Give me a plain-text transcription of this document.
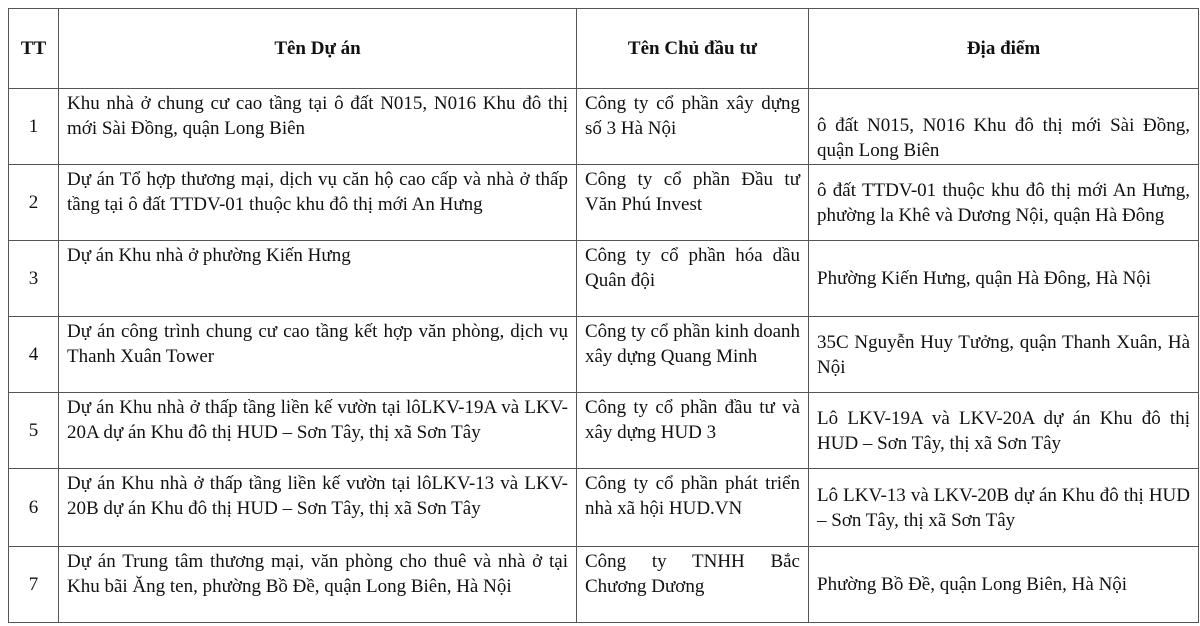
TT	Tên Dự án	Tên Chủ đầu tư	Địa điểm
1	Khu nhà ở chung cư cao tầng tại ô đất N015, N016 Khu đô thị mới Sài Đồng, quận Long Biên	Công ty cổ phần xây dựng số 3 Hà Nội	ô đất N015, N016 Khu đô thị mới Sài Đồng, quận Long Biên
2	Dự án Tổ hợp thương mại, dịch vụ căn hộ cao cấp và nhà ở thấp tầng tại ô đất TTDV-01 thuộc khu đô thị mới An Hưng	Công ty cổ phần Đầu tư Văn Phú Invest	ô đất TTDV-01 thuộc khu đô thị mới An Hưng, phường la Khê và Dương Nội, quận Hà Đông
3	Dự án Khu nhà ở phường Kiến Hưng	Công ty cổ phần hóa dầu Quân đội	Phường Kiến Hưng, quận Hà Đông, Hà Nội
4	Dự án công trình chung cư cao tầng kết hợp văn phòng, dịch vụ Thanh Xuân Tower	Công ty cổ phần kinh doanh xây dựng Quang Minh	35C Nguyễn Huy Tưởng, quận Thanh Xuân, Hà Nội
5	Dự án Khu nhà ở thấp tầng liền kế vườn tại lôLKV-19A và LKV-20A dự án Khu đô thị HUD – Sơn Tây, thị xã Sơn Tây	Công ty cổ phần đầu tư và xây dựng HUD 3	Lô LKV-19A và LKV-20A dự án Khu đô thị HUD – Sơn Tây, thị xã Sơn Tây
6	Dự án Khu nhà ở thấp tầng liền kế vườn tại lôLKV-13 và LKV-20B dự án Khu đô thị HUD – Sơn Tây, thị xã Sơn Tây	Công ty cổ phần phát triển nhà xã hội HUD.VN	Lô LKV-13 và LKV-20B dự án Khu đô thị HUD – Sơn Tây, thị xã Sơn Tây
7	Dự án Trung tâm thương mại, văn phòng cho thuê và nhà ở tại Khu bãi Ăng ten, phường Bồ Đề, quận Long Biên, Hà Nội	Công ty TNHH Bắc Chương Dương	Phường Bồ Đề, quận Long Biên, Hà Nội
